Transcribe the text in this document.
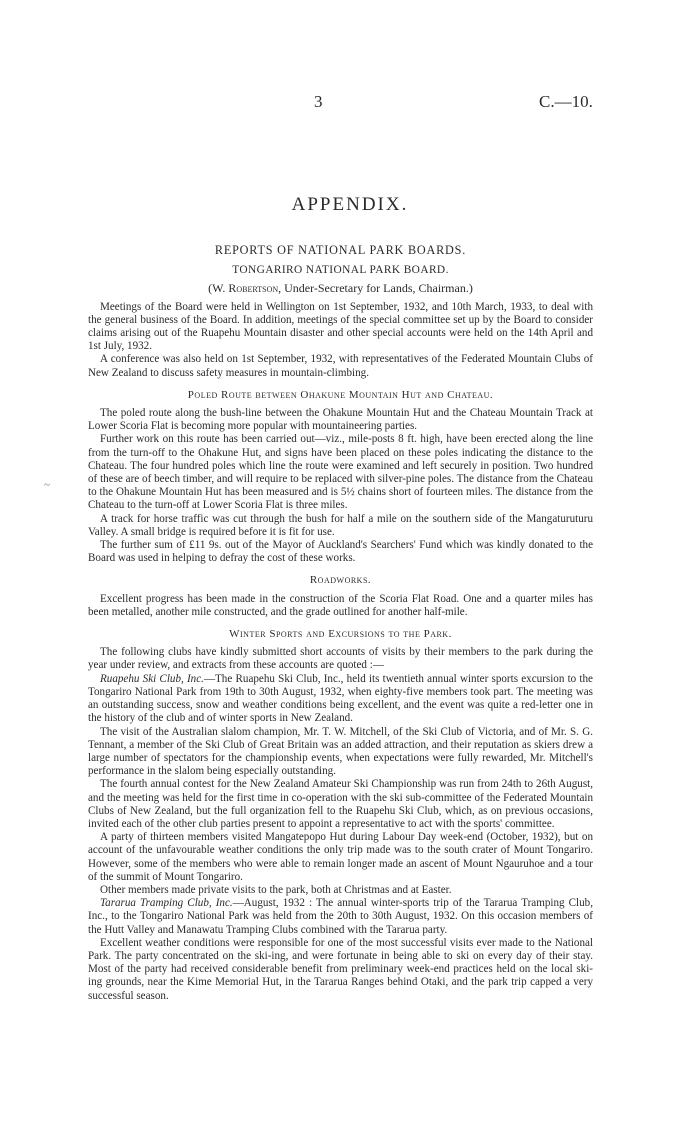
3	C.—10.
APPENDIX.
~
REPORTS OF NATIONAL PARK BOARDS.
TONGARIRO NATIONAL PARK BOARD.
(W. Robertson, Under-Secretary for Lands, Chairman.)

Meetings of the Board were held in Wellington on 1st September, 1932, and 10th March, 1933, to deal with the general business of the Board. In addition, meetings of the special committee set up by the Board to consider claims arising out of the Ruapehu Mountain disaster and other special accounts were held on the 14th April and 1st July, 1932.

A conference was also held on 1st September, 1932, with representatives of the Federated Mountain Clubs of New Zealand to discuss safety measures in mountain-climbing.

Poled Route between Ohakune Mountain Hut and Chateau.

The poled route along the bush-line between the Ohakune Mountain Hut and the Chateau Mountain Track at Lower Scoria Flat is becoming more popular with mountaineering parties.

Further work on this route has been carried out—viz., mile-posts 8 ft. high, have been erected along the line from the turn-off to the Ohakune Hut, and signs have been placed on these poles indicating the distance to the Chateau. The four hundred poles which line the route were examined and left securely in position. Two hundred of these are of beech timber, and will require to be replaced with silver-pine poles. The distance from the Chateau to the Ohakune Mountain Hut has been measured and is 5½ chains short of fourteen miles. The distance from the Chateau to the turn-off at Lower Scoria Flat is three miles.

A track for horse traffic was cut through the bush for half a mile on the southern side of the Mangaturuturu Valley. A small bridge is required before it is fit for use.

The further sum of £11 9s. out of the Mayor of Auckland's Searchers' Fund which was kindly donated to the Board was used in helping to defray the cost of these works.

Roadworks.

Excellent progress has been made in the construction of the Scoria Flat Road. One and a quarter miles has been metalled, another mile constructed, and the grade outlined for another half-mile.

Winter Sports and Excursions to the Park.

The following clubs have kindly submitted short accounts of visits by their members to the park during the year under review, and extracts from these accounts are quoted :—

Ruapehu Ski Club, Inc.—The Ruapehu Ski Club, Inc., held its twentieth annual winter sports excursion to the Tongariro National Park from 19th to 30th August, 1932, when eighty-five members took part. The meeting was an outstanding success, snow and weather conditions being excellent, and the event was quite a red-letter one in the history of the club and of winter sports in New Zealand.

The visit of the Australian slalom champion, Mr. T. W. Mitchell, of the Ski Club of Victoria, and of Mr. S. G. Tennant, a member of the Ski Club of Great Britain was an added attraction, and their reputation as skiers drew a large number of spectators for the championship events, when expectations were fully rewarded, Mr. Mitchell's performance in the slalom being especially outstanding.

The fourth annual contest for the New Zealand Amateur Ski Championship was run from 24th to 26th August, and the meeting was held for the first time in co-operation with the ski sub-committee of the Federated Mountain Clubs of New Zealand, but the full organization fell to the Ruapehu Ski Club, which, as on previous occasions, invited each of the other club parties present to appoint a representative to act with the sports' committee.

A party of thirteen members visited Mangatepopo Hut during Labour Day week-end (October, 1932), but on account of the unfavourable weather conditions the only trip made was to the south crater of Mount Tongariro. However, some of the members who were able to remain longer made an ascent of Mount Ngauruhoe and a tour of the summit of Mount Tongariro.

Other members made private visits to the park, both at Christmas and at Easter.

Tararua Tramping Club, Inc.—August, 1932 : The annual winter-sports trip of the Tararua Tramping Club, Inc., to the Tongariro National Park was held from the 20th to 30th August, 1932. On this occasion members of the Hutt Valley and Manawatu Tramping Clubs combined with the Tararua party.

Excellent weather conditions were responsible for one of the most successful visits ever made to the National Park. The party concentrated on the ski-ing, and were fortunate in being able to ski on every day of their stay. Most of the party had received considerable benefit from preliminary week-end practices held on the local ski-ing grounds, near the Kime Memorial Hut, in the Tararua Ranges behind Otaki, and the park trip capped a very successful season.
